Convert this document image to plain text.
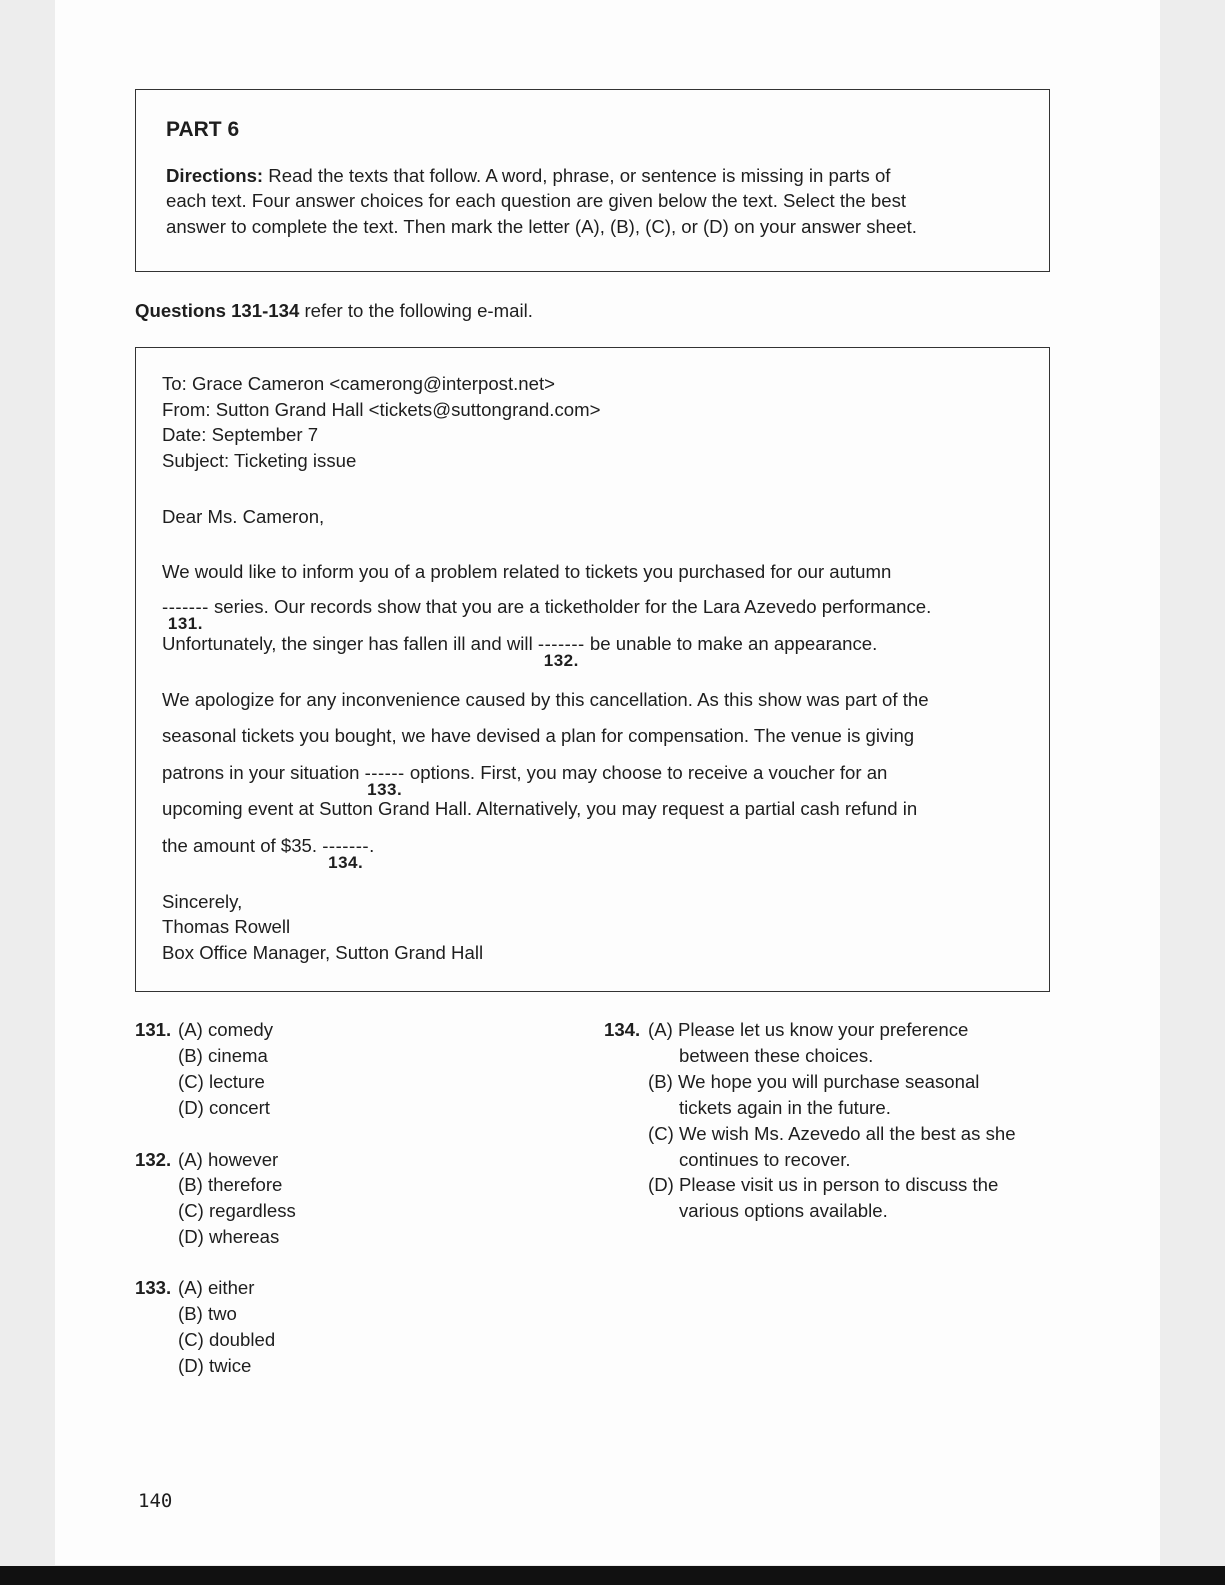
PART 6
Directions: Read the texts that follow. A word, phrase, or sentence is missing in parts of
each text. Four answer choices for each question are given below the text. Select the best
answer to complete the text. Then mark the letter (A), (B), (C), or (D) on your answer sheet.
Questions 131-134 refer to the following e-mail.
To: Grace Cameron <camerong@interpost.net>
From: Sutton Grand Hall <tickets@suttongrand.com>
Date: September 7
Subject: Ticketing issue
Dear Ms. Cameron,
We would like to inform you of a problem related to tickets you purchased for our autumn
-------
131.
series. Our records show that you are a ticketholder for the Lara Azevedo performance.
Unfortunately, the singer has fallen ill and will -------
132.
be unable to make an appearance.
We apologize for any inconvenience caused by this cancellation. As this show was part of the
seasonal tickets you bought, we have devised a plan for compensation. The venue is giving
patrons in your situation ------
133.
options. First, you may choose to receive a voucher for an
upcoming event at Sutton Grand Hall. Alternatively, you may request a partial cash refund in
the amount of $35. -------
134.
.
Sincerely,
Thomas Rowell
Box Office Manager, Sutton Grand Hall
131. (A) comedy
(B) cinema
(C) lecture
(D) concert
132. (A) however
(B) therefore
(C) regardless
(D) whereas
133. (A) either
(B) two
(C) doubled
(D) twice
134. (A) Please let us know your preference
between these choices.
(B) We hope you will purchase seasonal
tickets again in the future.
(C) We wish Ms. Azevedo all the best as she
continues to recover.
(D) Please visit us in person to discuss the
various options available.
140
